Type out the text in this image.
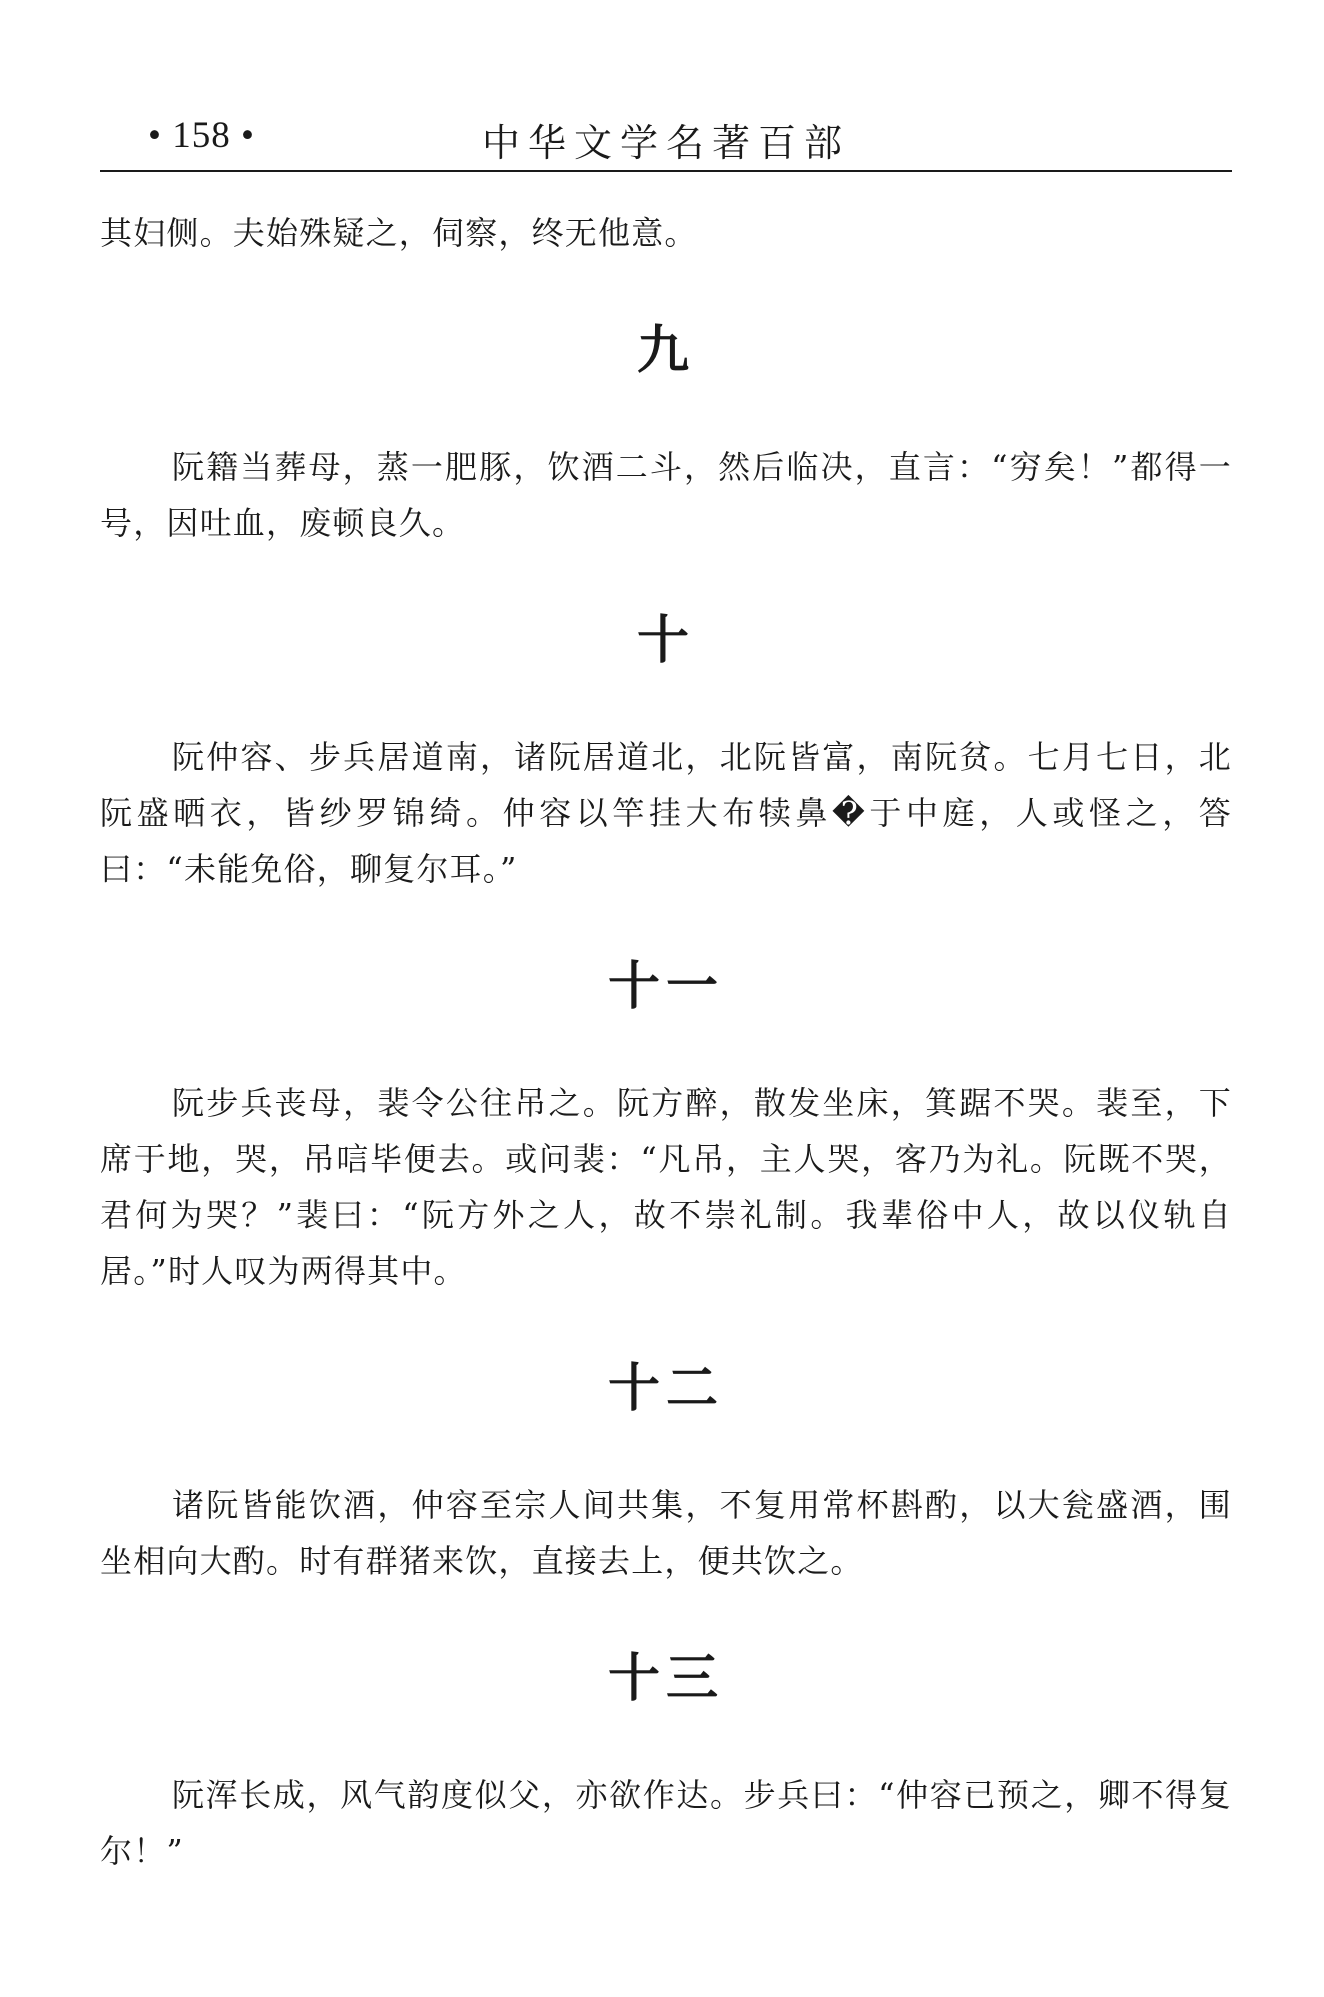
• 158 •	中华文学名著百部

其妇侧。夫始殊疑之，伺察，终无他意。

九

阮籍当葬母，蒸一肥豚，饮酒二斗，然后临决，直言：“穷矣！”都得一号，因吐血，废顿良久。

十

阮仲容、步兵居道南，诸阮居道北，北阮皆富，南阮贫。七月七日，北阮盛晒衣，皆纱罗锦绮。仲容以竿挂大布犊鼻�于中庭，人或怪之，答曰：“未能免俗，聊复尔耳。”

十一

阮步兵丧母，裴令公往吊之。阮方醉，散发坐床，箕踞不哭。裴至，下席于地，哭，吊唁毕便去。或问裴：“凡吊，主人哭，客乃为礼。阮既不哭，君何为哭？”裴曰：“阮方外之人，故不崇礼制。我辈俗中人，故以仪轨自居。”时人叹为两得其中。

十二

诸阮皆能饮酒，仲容至宗人间共集，不复用常杯斟酌，以大瓮盛酒，围坐相向大酌。时有群猪来饮，直接去上，便共饮之。

十三

阮浑长成，风气韵度似父，亦欲作达。步兵曰：“仲容已预之，卿不得复尔！”
